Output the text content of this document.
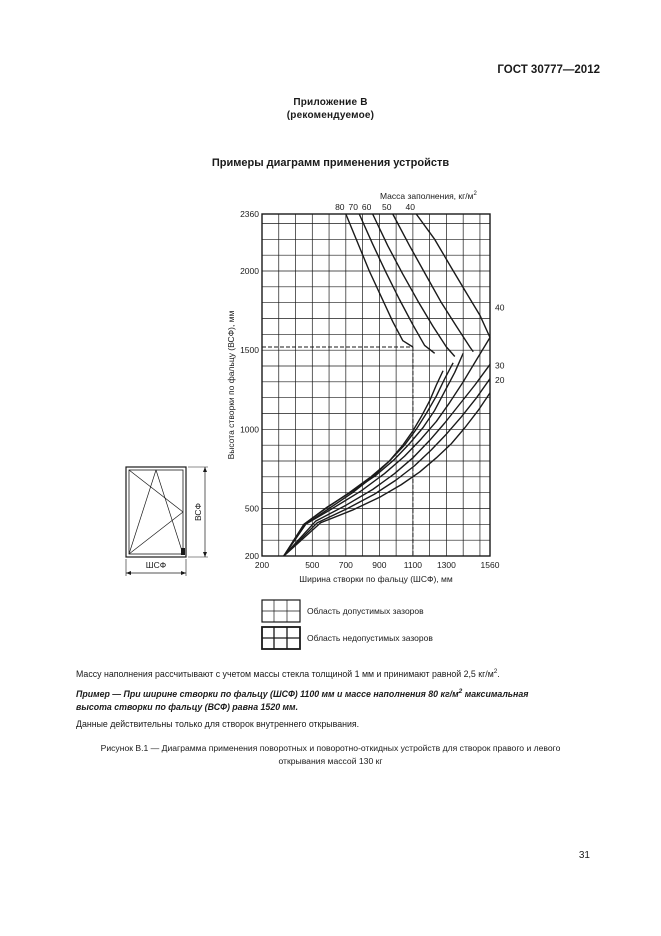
ГОСТ 30777—2012
Приложение В
(рекомендуемое)
Примеры диаграмм применения устройств
Масса заполнения, $кг/м^2$
80 70 60 50 40
40
30
20
200	500 700 900 1100 1300	1560
200
500
1000
1500
2000
2360
Ширина створки по фальцу (ШСФ), мм
Высота створки по фальцу (ВСФ), мм
ШСФ
ВСФ
Область допустимых зазоров
Область недопустимых зазоров
Массу наполнения рассчитывают с учетом массы стекла толщиной 1 мм и принимают равной 2,5 $кг/м^2$.
Пример — При ширине створки по фальцу (ШСФ) 1100 мм и массе наполнения 80 $кг/м^2$ максимальная
высота створки по фальцу (ВСФ) равна 1520 мм.
Данные действительны только для створок внутреннего открывания.
Рисунок В.1 — Диаграмма применения поворотных и поворотно-откидных устройств для створок правого и левого
открывания массой 130 кг
31
